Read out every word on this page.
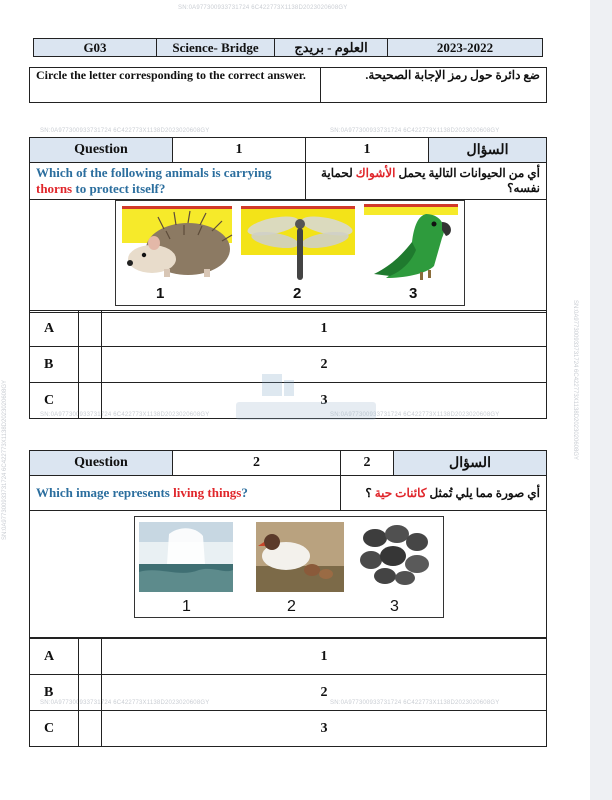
SN:0A977300933731724 6C422773X1138D2023020608GY
SN:0A977300933731724 6C422773X1138D2023020608GY	SN:0A977300933731724 6C422773X1138D2023020608GY
SN:0A977300933731724 6C422773X1138D2023020608GY	SN:0A977300933731724 6C422773X1138D2023020608GY
SN:0A977300933731724 6C422773X1138D2023020608GY	SN:0A977300933731724 6C422773X1138D2023020608GY
SN:0A977300933731724 6C422773X1138D2023020608GY	SN:0A977300933731724 6C422773X1138D2023020608GY
G03	Science- Bridge	العلوم - بريدج	2023-2022
Circle the letter corresponding to the correct answer.	ضع دائرة حول رمز الإجابة الصحيحة.
Question	1	1	السؤال
Which of the following animals is carrying thorns to protect itself?		أي من الحيوانات التالية يحمل الأشواك لحماية نفسه؟	

A		1
B		2
C		3
1	2	3
Question	2	2	السؤال
Which image represents living things?		أي صورة مما يلي تُمثل كائنات حية ؟	

A		1
B		2
C		3
1	2	3
